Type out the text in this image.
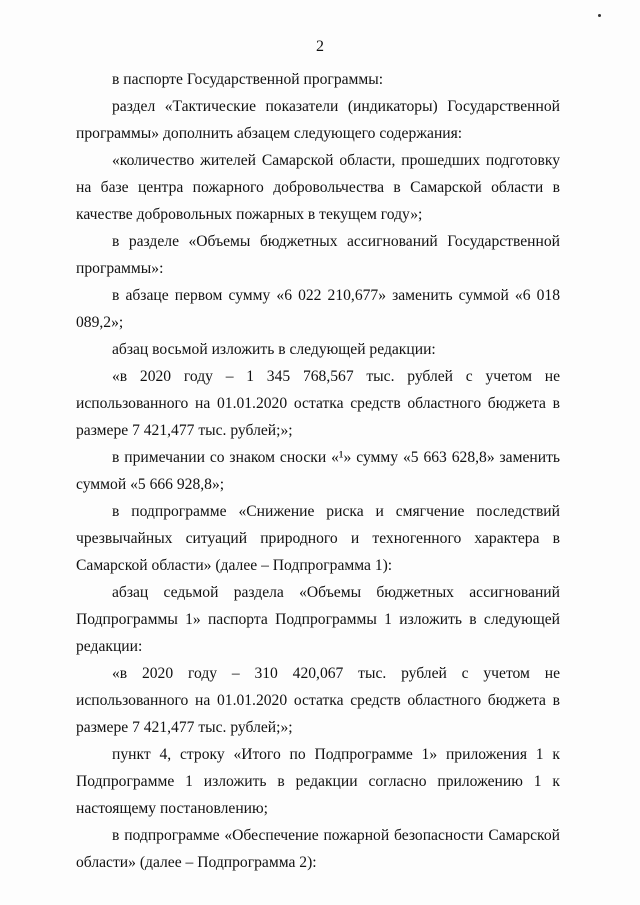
2

в паспорте Государственной программы:

раздел «Тактические показатели (индикаторы) Государственной программы» дополнить абзацем следующего содержания:

«количество жителей Самарской области, прошедших подготовку на базе центра пожарного добровольчества в Самарской области в качестве добровольных пожарных в текущем году»;

в разделе «Объемы бюджетных ассигнований Государственной программы»:

в абзаце первом сумму «6 022 210,677» заменить суммой «6 018 089,2»;

абзац восьмой изложить в следующей редакции:

«в 2020 году – 1 345 768,567 тыс. рублей с учетом не использованного на 01.01.2020 остатка средств областного бюджета в размере 7 421,477 тыс. рублей;»;

в примечании со знаком сноски «¹» сумму «5 663 628,8» заменить суммой «5 666 928,8»;

в подпрограмме «Снижение риска и смягчение последствий чрезвычайных ситуаций природного и техногенного характера в Самарской области» (далее – Подпрограмма 1):

абзац седьмой раздела «Объемы бюджетных ассигнований Подпрограммы 1» паспорта Подпрограммы 1 изложить в следующей редакции:

«в 2020 году – 310 420,067 тыс. рублей с учетом не использованного на 01.01.2020 остатка средств областного бюджета в размере 7 421,477 тыс. рублей;»;

пункт 4, строку «Итого по Подпрограмме 1» приложения 1 к Подпрограмме 1 изложить в редакции согласно приложению 1 к настоящему постановлению;

в подпрограмме «Обеспечение пожарной безопасности Самарской области» (далее – Подпрограмма 2):
